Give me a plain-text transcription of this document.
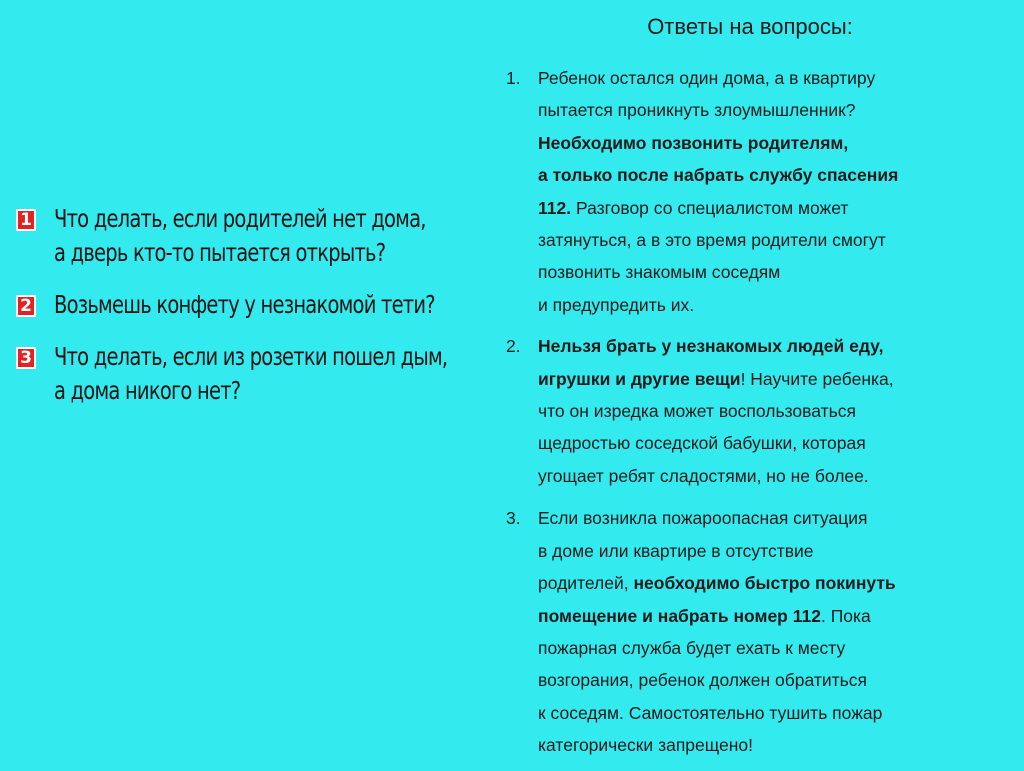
1 Что делать, если родителей нет дома,
а дверь кто-то пытается открыть?
2 Возьмешь конфету у незнакомой тети?
3 Что делать, если из розетки пошел дым,
а дома никого нет?
Ответы на вопросы:
1. Ребенок остался один дома, а в квартиру
пытается проникнуть злоумышленник?
Необходимо позвонить родителям,
а только после набрать службу спасения
112. Разговор со специалистом может
затянуться, а в это время родители смогут
позвонить знакомым соседям
и предупредить их.
2. Нельзя брать у незнакомых людей еду,
игрушки и другие вещи! Научите ребенка,
что он изредка может воспользоваться
щедростью соседской бабушки, которая
угощает ребят сладостями, но не более.
3. Если возникла пожароопасная ситуация
в доме или квартире в отсутствие
родителей, необходимо быстро покинуть
помещение и набрать номер 112. Пока
пожарная служба будет ехать к месту
возгорания, ребенок должен обратиться
к соседям. Самостоятельно тушить пожар
категорически запрещено!
